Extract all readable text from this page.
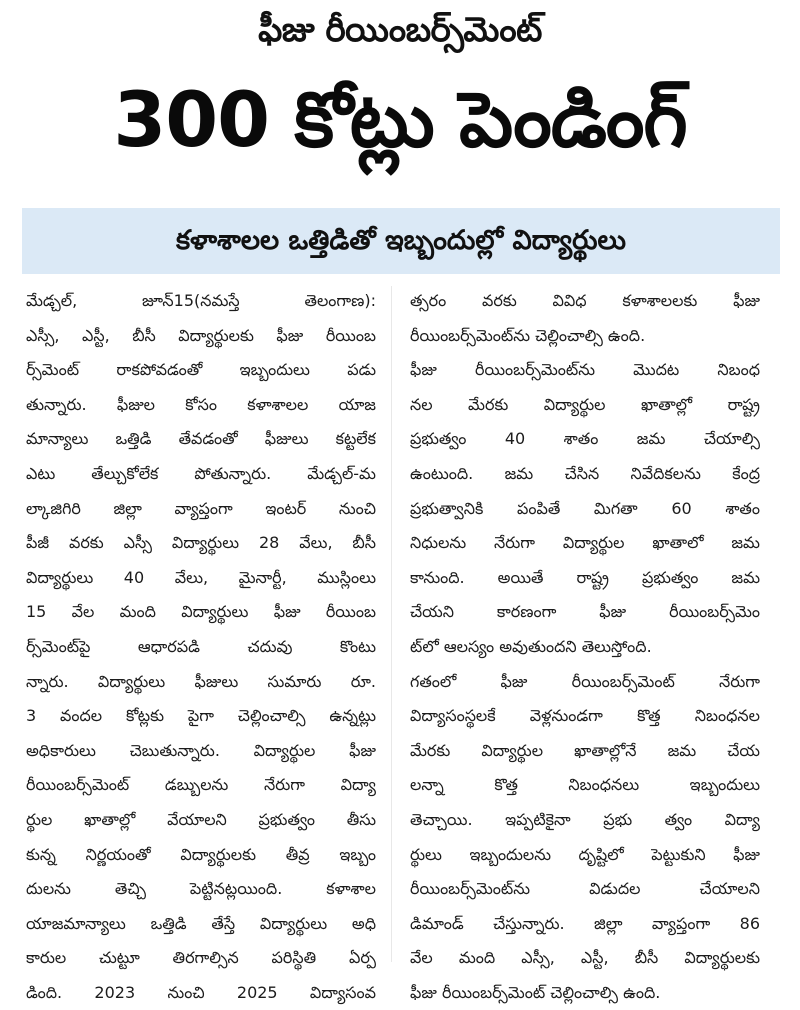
ఫీజు రీయింబర్స్‌మెంట్
300 కోట్లు పెండింగ్
కళాశాలల ఒత్తిడితో ఇబ్బందుల్లో విద్యార్థులు
మేడ్చల్, జూన్15(నమస్తే తెలంగాణ):
ఎస్సీ, ఎస్టీ, బీసీ విద్యార్థులకు ఫీజు రీయింబ
ర్స్‌మెంట్ రాకపోవడంతో ఇబ్బందులు పడు
తున్నారు. ఫీజుల కోసం కళాశాలల యాజ
మాన్యాలు ఒత్తిడి తేవడంతో ఫీజులు కట్టలేక
ఎటు తేల్చుకోలేక పోతున్నారు. మేడ్చల్-మ
ల్కాజిగిరి జిల్లా వ్యాప్తంగా ఇంటర్ నుంచి
పీజీ వరకు ఎస్సీ విద్యార్థులు 28 వేలు, బీసీ
విద్యార్థులు 40 వేలు, మైనార్టీ, ముస్లింలు
15 వేల మంది విద్యార్థులు ఫీజు రీయింబ
ర్స్‌మెంట్‌పై ఆధారపడి చదువు కొంటు
న్నారు. విద్యార్థులు ఫీజులు సుమారు రూ.
3 వందల కోట్లకు పైగా చెల్లించాల్సి ఉన్నట్లు
అధికారులు చెబుతున్నారు. విద్యార్థుల ఫీజు
రీయింబర్స్‌మెంట్ డబ్బులను నేరుగా విద్యా
ర్థుల ఖాతాల్లో వేయాలని ప్రభుత్వం తీసు
కున్న నిర్ణయంతో విద్యార్థులకు తీవ్ర ఇబ్బం
దులను తెచ్చి పెట్టినట్లయింది. కళాశాల
యాజమాన్యాలు ఒత్తిడి తేస్తే విద్యార్థులు అధి
కారుల చుట్టూ తిరగాల్సిన పరిస్థితి ఏర్ప
డింది. 2023 నుంచి 2025 విద్యాసంవ
త్సరం వరకు వివిధ కళాశాలలకు ఫీజు
రీయింబర్స్‌మెంట్‌ను చెల్లించాల్సి ఉంది.
ఫీజు రీయింబర్స్‌మెంట్‌ను మొదట నిబంధ
నల మేరకు విద్యార్థుల ఖాతాల్లో రాష్ట్ర
ప్రభుత్వం 40 శాతం జమ చేయాల్సి
ఉంటుంది. జమ చేసిన నివేదికలను కేంద్ర
ప్రభుత్వానికి పంపితే మిగతా 60 శాతం
నిధులను నేరుగా విద్యార్థుల ఖాతాలో జమ
కానుంది. అయితే రాష్ట్ర ప్రభుత్వం జమ
చేయని కారణంగా ఫీజు రీయింబర్స్‌మెం
ట్‌లో ఆలస్యం అవుతుందని తెలుస్తోంది.
గతంలో ఫీజు రీయింబర్స్‌మెంట్ నేరుగా
విద్యాసంస్థలకే వెళ్లనుండగా కొత్త నిబంధనల
మేరకు విద్యార్థుల ఖాతాల్లోనే జమ చేయ
లన్నా కొత్త నిబంధనలు ఇబ్బందులు
తెచ్చాయి. ఇప్పటికైనా ప్రభు త్వం విద్యా
ర్థులు ఇబ్బందులను దృష్టిలో పెట్టుకుని ఫీజు
రీయింబర్స్‌మెంట్‌ను విడుదల చేయాలని
డిమాండ్ చేస్తున్నారు. జిల్లా వ్యాప్తంగా 86
వేల మంది ఎస్సీ, ఎస్టీ, బీసీ విద్యార్థులకు
ఫీజు రీయింబర్స్‌మెంట్ చెల్లించాల్సి ఉంది.
